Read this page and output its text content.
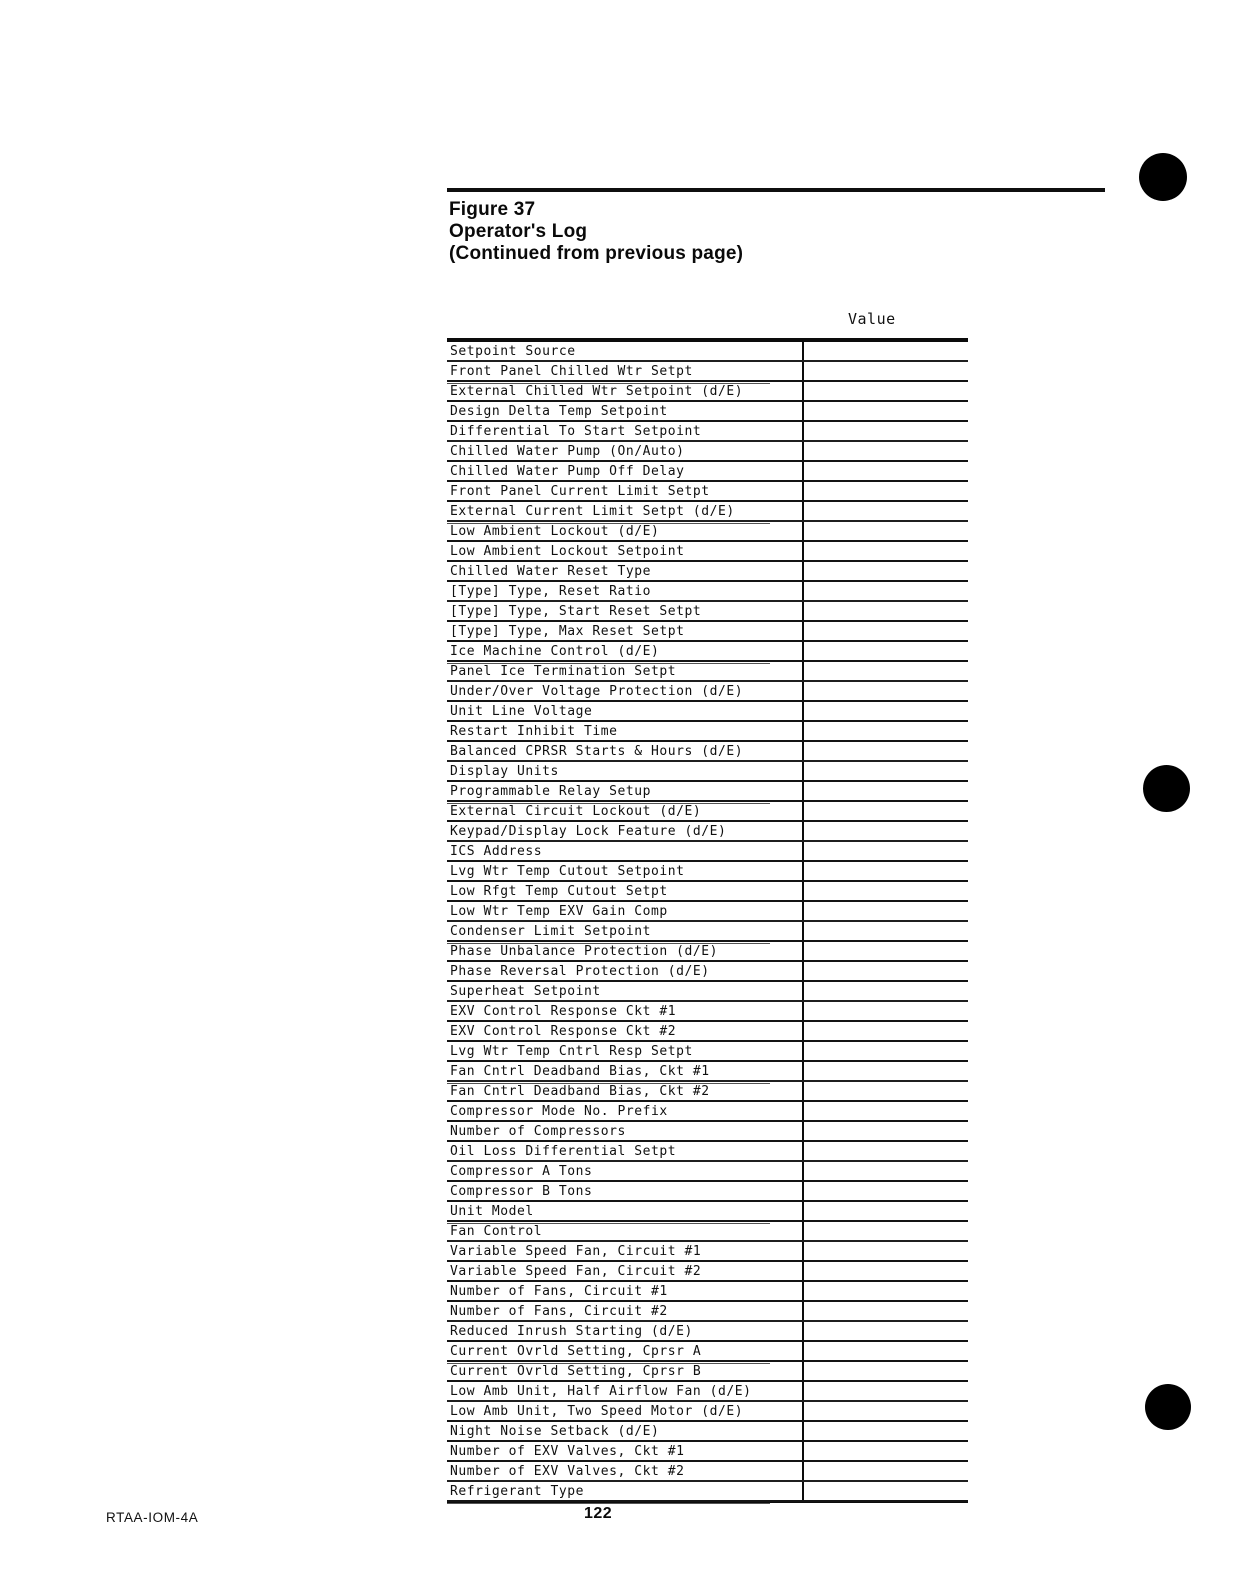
Figure 37
Operator's Log
(Continued from previous page)
Value
Setpoint Source
Front Panel Chilled Wtr Setpt
External Chilled Wtr Setpoint (d/E)
Design Delta Temp Setpoint
Differential To Start Setpoint
Chilled Water Pump (On/Auto)
Chilled Water Pump Off Delay
Front Panel Current Limit Setpt
External Current Limit Setpt (d/E)
Low Ambient Lockout (d/E)
Low Ambient Lockout Setpoint
Chilled Water Reset Type
[Type] Type, Reset Ratio
[Type] Type, Start Reset Setpt
[Type] Type, Max Reset Setpt
Ice Machine Control (d/E)
Panel Ice Termination Setpt
Under/Over Voltage Protection (d/E)
Unit Line Voltage
Restart Inhibit Time
Balanced CPRSR Starts & Hours (d/E)
Display Units
Programmable Relay Setup
External Circuit Lockout (d/E)
Keypad/Display Lock Feature (d/E)
ICS Address
Lvg Wtr Temp Cutout Setpoint
Low Rfgt Temp Cutout Setpt
Low Wtr Temp EXV Gain Comp
Condenser Limit Setpoint
Phase Unbalance Protection (d/E)
Phase Reversal Protection (d/E)
Superheat Setpoint
EXV Control Response Ckt #1
EXV Control Response Ckt #2
Lvg Wtr Temp Cntrl Resp Setpt
Fan Cntrl Deadband Bias, Ckt #1
Fan Cntrl Deadband Bias, Ckt #2
Compressor Mode No. Prefix
Number of Compressors
Oil Loss Differential Setpt
Compressor A Tons
Compressor B Tons
Unit Model
Fan Control
Variable Speed Fan, Circuit #1
Variable Speed Fan, Circuit #2
Number of Fans, Circuit #1
Number of Fans, Circuit #2
Reduced Inrush Starting (d/E)
Current Ovrld Setting, Cprsr A
Current Ovrld Setting, Cprsr B
Low Amb Unit, Half Airflow Fan (d/E)
Low Amb Unit, Two Speed Motor (d/E)
Night Noise Setback (d/E)
Number of EXV Valves, Ckt #1
Number of EXV Valves, Ckt #2
Refrigerant Type
RTAA-IOM-4A	122
